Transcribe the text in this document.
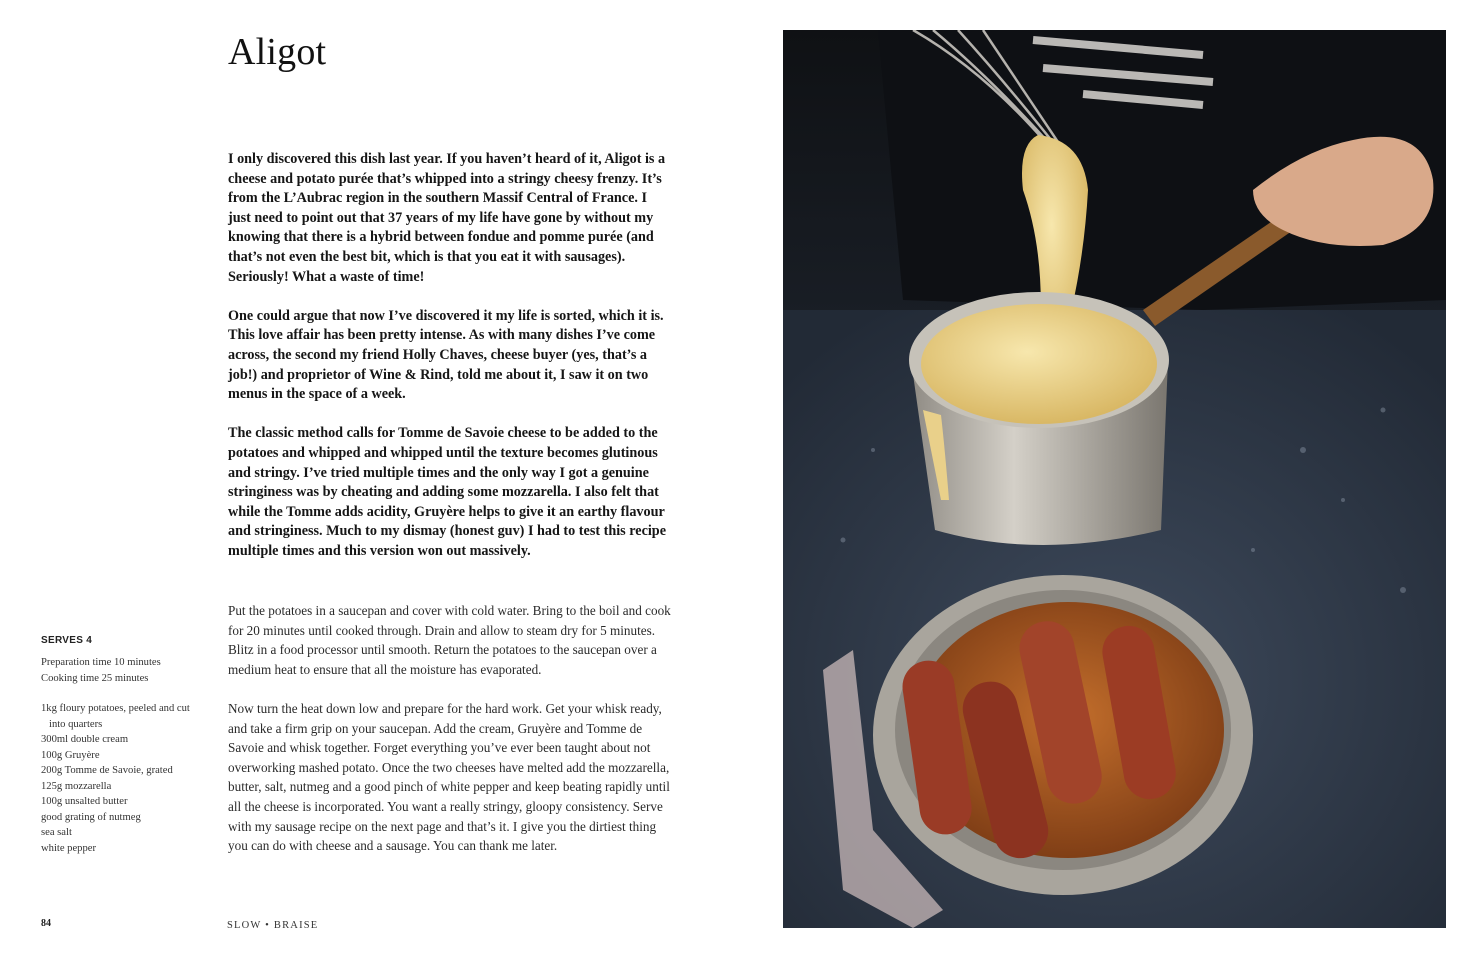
Aligot

I only discovered this dish last year. If you haven’t heard of it, Aligot is a cheese and potato purée that’s whipped into a stringy cheesy frenzy. It’s from the L’Aubrac region in the southern Massif Central of France. I just need to point out that 37 years of my life have gone by without my knowing that there is a hybrid between fondue and pomme purée (and that’s not even the best bit, which is that you eat it with sausages). Seriously! What a waste of time!

One could argue that now I’ve discovered it my life is sorted, which it is. This love affair has been pretty intense. As with many dishes I’ve come across, the second my friend Holly Chaves, cheese buyer (yes, that’s a job!) and proprietor of Wine & Rind, told me about it, I saw it on two menus in the space of a week.

The classic method calls for Tomme de Savoie cheese to be added to the potatoes and whipped and whipped until the texture becomes glutinous and stringy. I’ve tried multiple times and the only way I got a genuine stringiness was by cheating and adding some mozzarella. I also felt that while the Tomme adds acidity, Gruyère helps to give it an earthy flavour and stringiness. Much to my dismay (honest guv) I had to test this recipe multiple times and this version won out massively.

SERVES 4
Preparation time 10 minutes
Cooking time 25 minutes
1kg floury potatoes, peeled and cut into quarters
300ml double cream
100g Gruyère
200g Tomme de Savoie, grated
125g mozzarella
100g unsalted butter
good grating of nutmeg
sea salt
white pepper

Put the potatoes in a saucepan and cover with cold water. Bring to the boil and cook for 20 minutes until cooked through. Drain and allow to steam dry for 5 minutes. Blitz in a food processor until smooth. Return the potatoes to the saucepan over a medium heat to ensure that all the moisture has evaporated.

Now turn the heat down low and prepare for the hard work. Get your whisk ready, and take a firm grip on your saucepan. Add the cream, Gruyère and Tomme de Savoie and whisk together. Forget everything you’ve ever been taught about not overworking mashed potato. Once the two cheeses have melted add the mozzarella, butter, salt, nutmeg and a good pinch of white pepper and keep beating rapidly until all the cheese is incorporated. You want a really stringy, gloopy consistency. Serve with my sausage recipe on the next page and that’s it. I give you the dirtiest thing you can do with cheese and a sausage. You can thank me later.

84	SLOW • BRAISE
